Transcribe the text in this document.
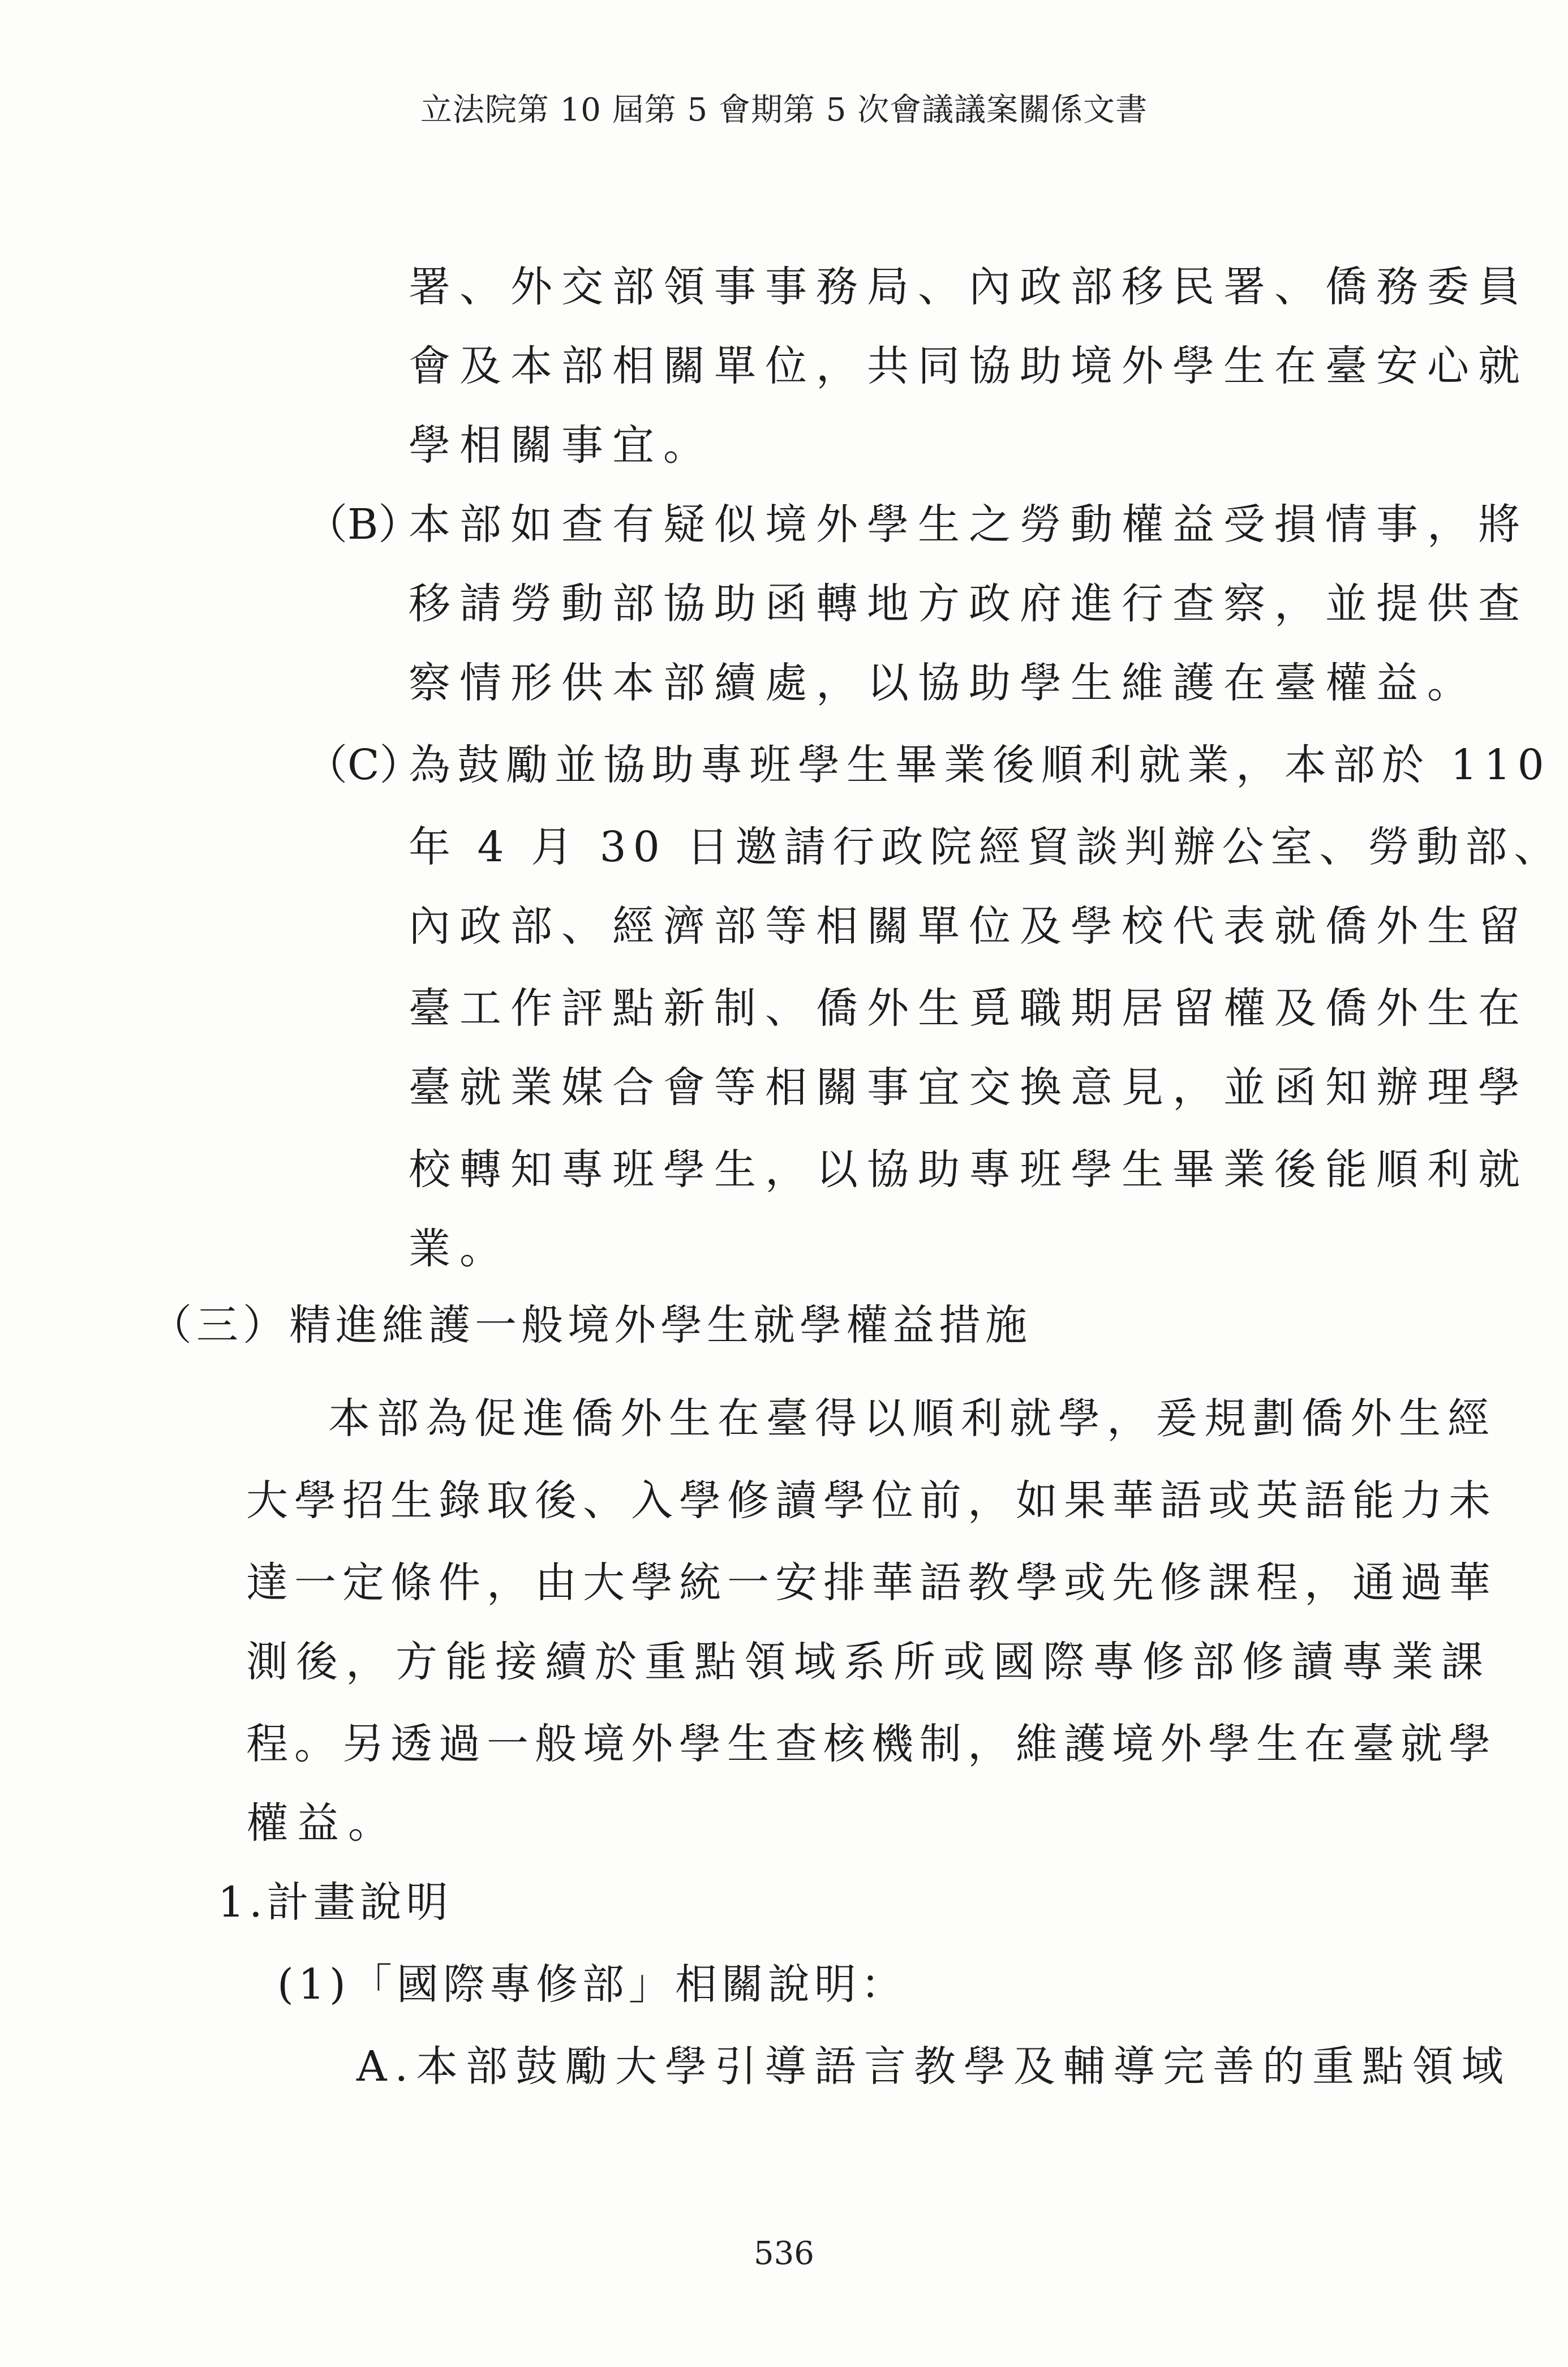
立法院第 10 屆第 5 會期第 5 次會議議案關係文書
署、外交部領事事務局、內政部移民署、僑務委員
會及本部相關單位，共同協助境外學生在臺安心就
學相關事宜。
（B）
本部如查有疑似境外學生之勞動權益受損情事，將
移請勞動部協助函轉地方政府進行查察，並提供查
察情形供本部續處，以協助學生維護在臺權益。
（C）
為鼓勵並協助專班學生畢業後順利就業，本部於 110
年 4 月 30 日邀請行政院經貿談判辦公室、勞動部、
內政部、經濟部等相關單位及學校代表就僑外生留
臺工作評點新制、僑外生覓職期居留權及僑外生在
臺就業媒合會等相關事宜交換意見，並函知辦理學
校轉知專班學生，以協助專班學生畢業後能順利就
業。
（三）精進維護一般境外學生就學權益措施
本部為促進僑外生在臺得以順利就學，爰規劃僑外生經
大學招生錄取後、入學修讀學位前，如果華語或英語能力未
達一定條件，由大學統一安排華語教學或先修課程，通過華
測後，方能接續於重點領域系所或國際專修部修讀專業課
程。另透過一般境外學生查核機制，維護境外學生在臺就學
權益。
1.計畫說明
(1)「國際專修部」相關說明：
A.本部鼓勵大學引導語言教學及輔導完善的重點領域
536
